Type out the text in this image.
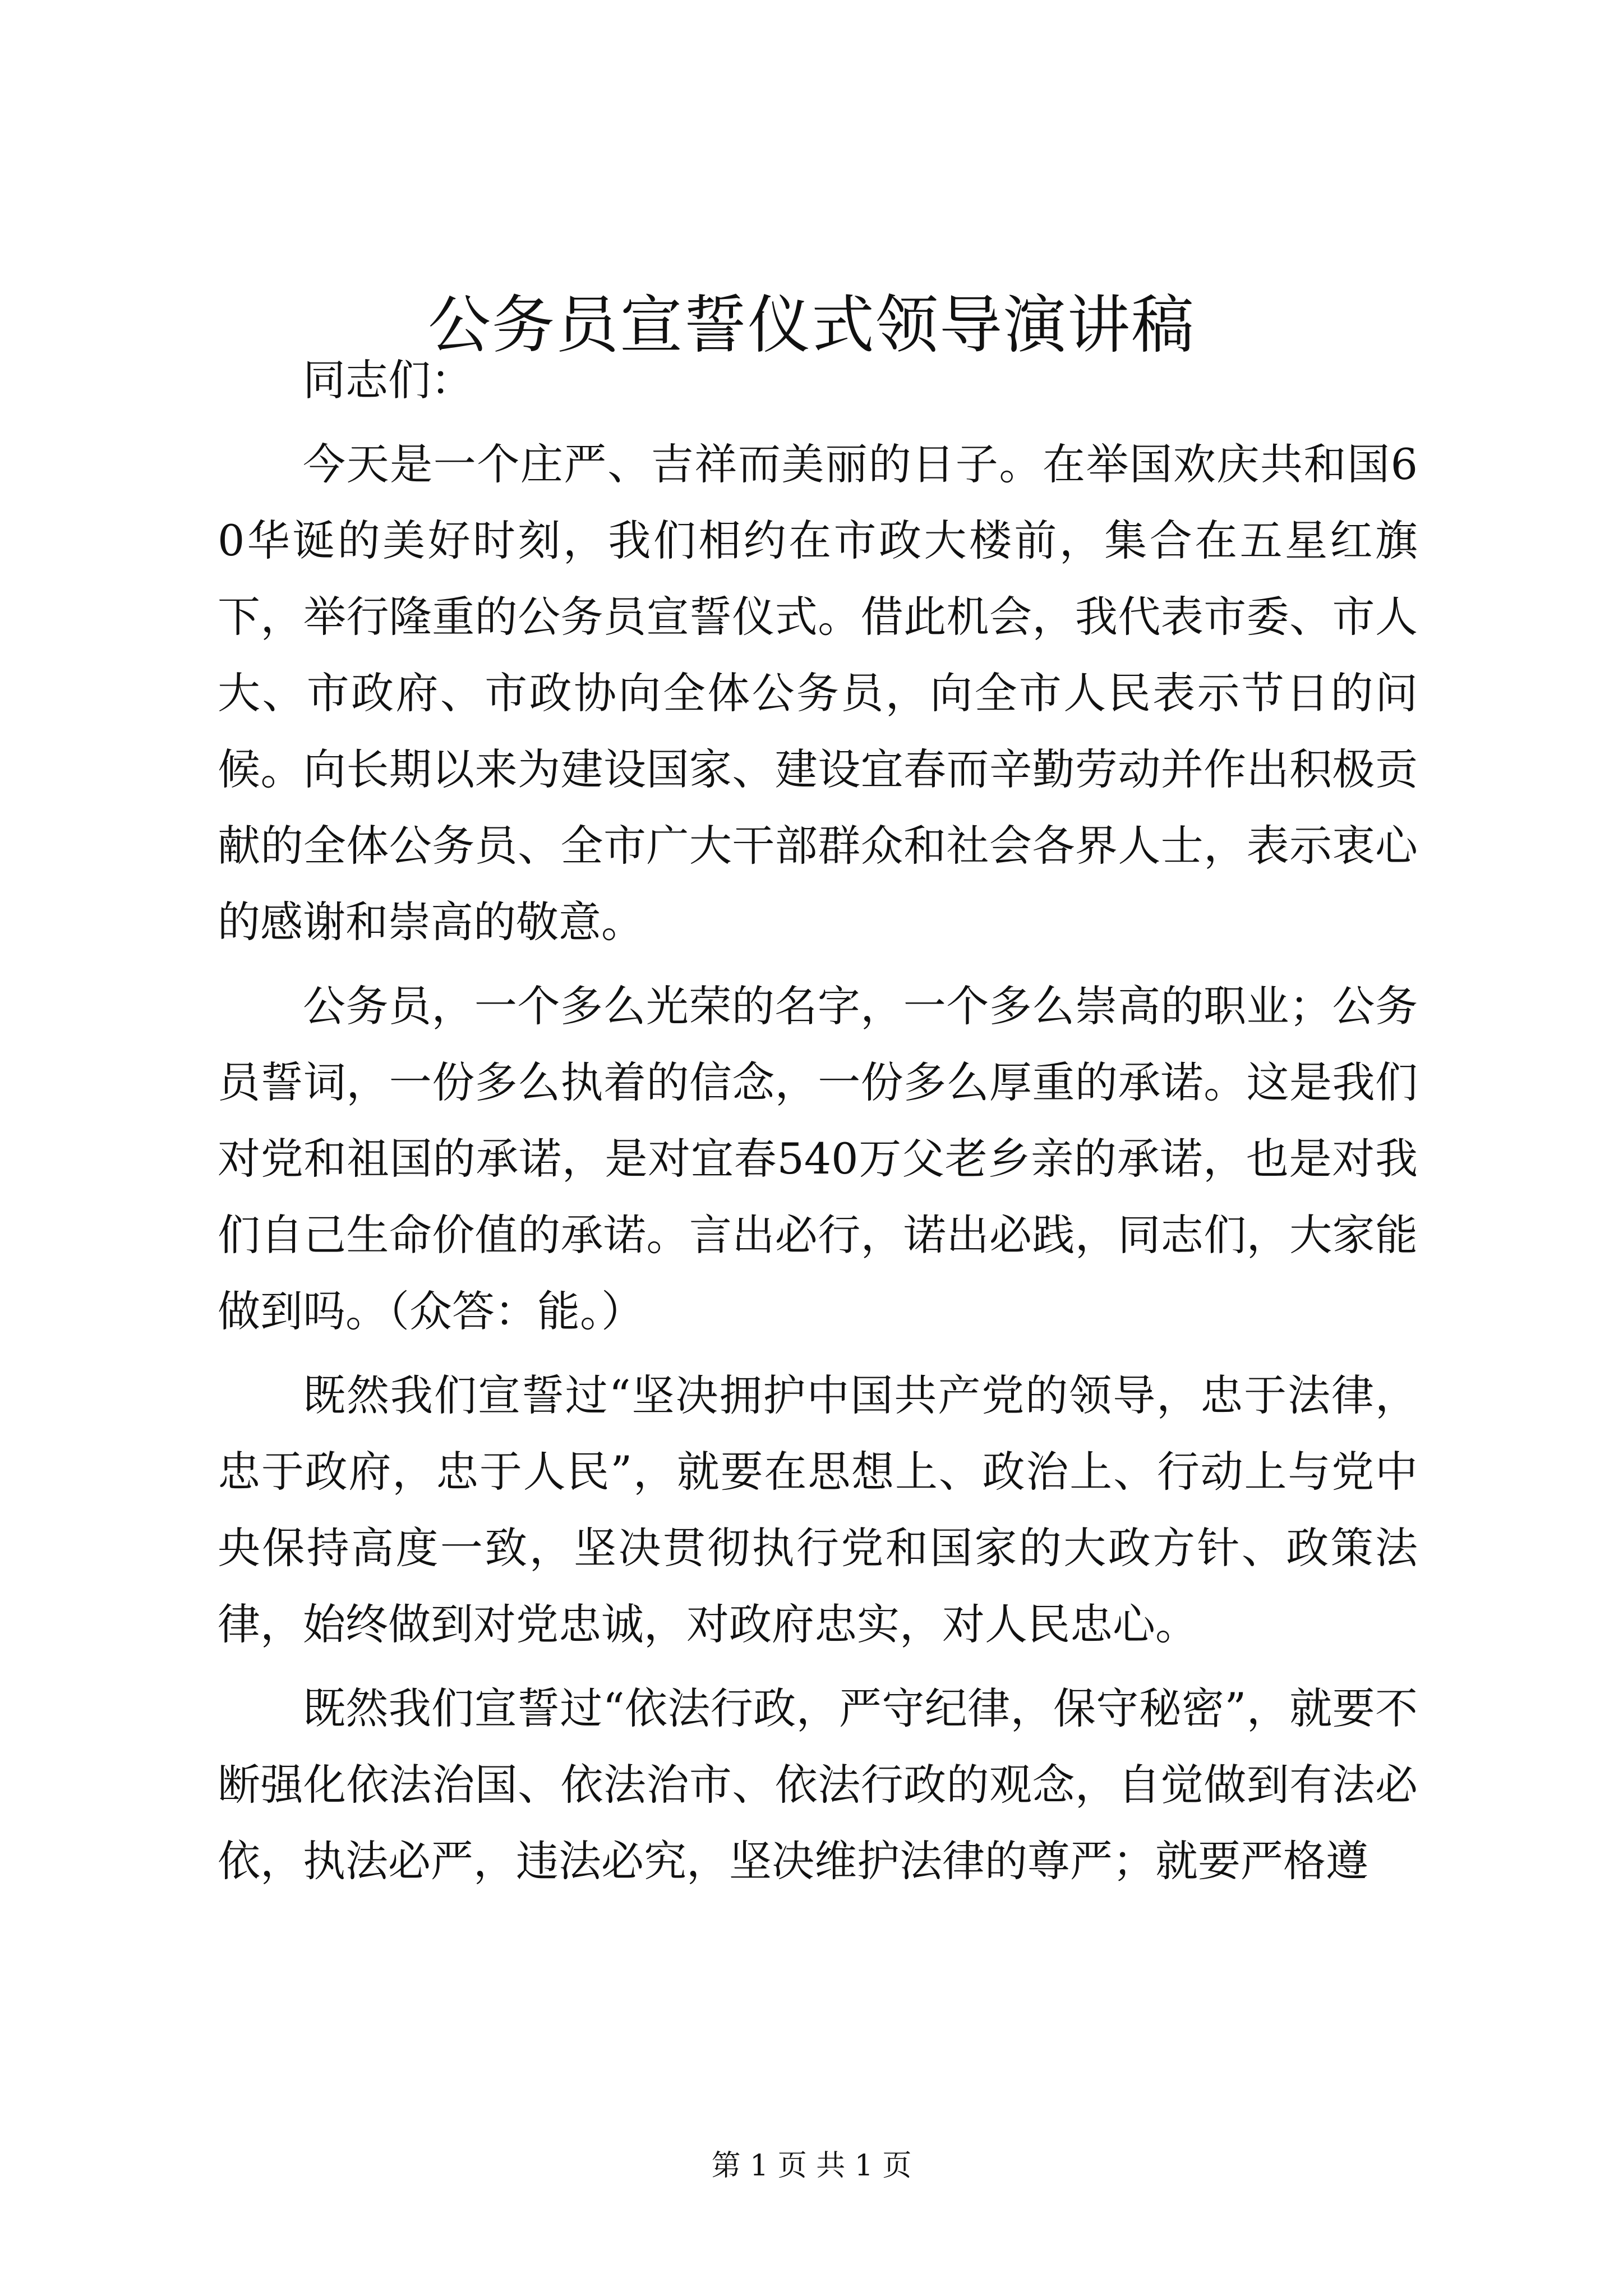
公务员宣誓仪式领导演讲稿

同志们：

今天是一个庄严、吉祥而美丽的日子。在举国欢庆共和国60华诞的美好时刻，我们相约在市政大楼前，集合在五星红旗下，举行隆重的公务员宣誓仪式。借此机会，我代表市委、市人大、市政府、市政协向全体公务员，向全市人民表示节日的问候。向长期以来为建设国家、建设宜春而辛勤劳动并作出积极贡献的全体公务员、全市广大干部群众和社会各界人士，表示衷心的感谢和崇高的敬意。

公务员，一个多么光荣的名字，一个多么崇高的职业；公务员誓词，一份多么执着的信念，一份多么厚重的承诺。这是我们对党和祖国的承诺，是对宜春540万父老乡亲的承诺，也是对我们自己生命价值的承诺。言出必行，诺出必践，同志们，大家能做到吗。（众答：能。）

既然我们宣誓过“坚决拥护中国共产党的领导，忠于法律，忠于政府，忠于人民”，就要在思想上、政治上、行动上与党中央保持高度一致，坚决贯彻执行党和国家的大政方针、政策法律，始终做到对党忠诚，对政府忠实，对人民忠心。

既然我们宣誓过“依法行政，严守纪律，保守秘密”，就要不断强化依法治国、依法治市、依法行政的观念，自觉做到有法必依，执法必严，违法必究，坚决维护法律的尊严；就要严格遵

第 1 页 共 1 页
